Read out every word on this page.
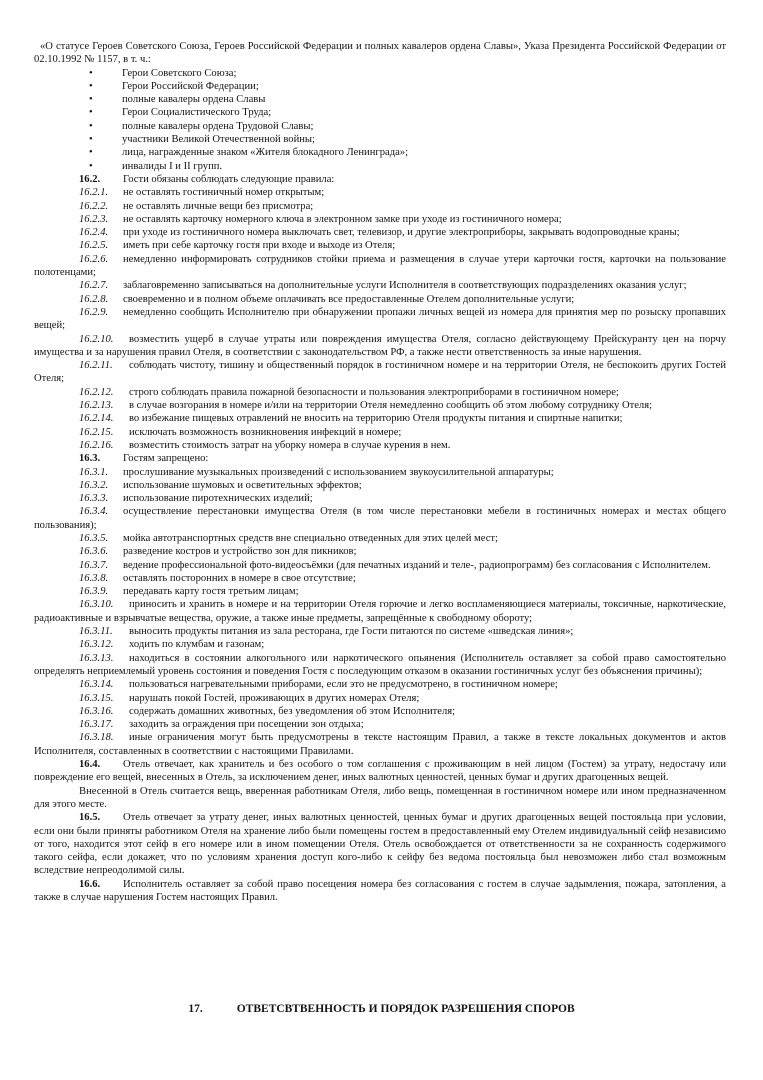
«О статусе Героев Советского Союза, Героев Российской Федерации и полных кавалеров ордена Славы», Указа Президента Российской Федерации от 02.10.1992 № 1157, в т. ч.:

• Герои Советского Союза;

• Герои Российской Федерации;

• полные кавалеры ордена Славы

• Герои Социалистического Труда;

• полные кавалеры ордена Трудовой Славы;

• участники Великой Отечественной войны;

• лица, награжденные знаком «Жителя блокадного Ленинграда»;

• инвалиды I и II групп.

16.2. Гости обязаны соблюдать следующие правила:

16.2.1. не оставлять гостиничный номер открытым;

16.2.2. не оставлять личные вещи без присмотра;

16.2.3. не оставлять карточку номерного ключа в электронном замке при уходе из гостиничного номера;

16.2.4. при уходе из гостиничного номера выключать свет, телевизор, и другие электроприборы, закрывать водопроводные краны;

16.2.5. иметь при себе карточку гостя при входе и выходе из Отеля;

16.2.6. немедленно информировать сотрудников стойки приема и размещения в случае утери карточки гостя, карточки на пользование полотенцами;

16.2.7. заблаговременно записываться на дополнительные услуги Исполнителя в соответствующих подразделениях оказания услуг;

16.2.8. своевременно и в полном объеме оплачивать все предоставленные Отелем дополнительные услуги;

16.2.9. немедленно сообщить Исполнителю при обнаружении пропажи личных вещей из номера для принятия мер по розыску пропавших вещей;

16.2.10. возместить ущерб в случае утраты или повреждения имущества Отеля, согласно действующему Прейскуранту цен на порчу имущества и за нарушения правил Отеля, в соответствии с законодательством РФ, а также нести ответственность за иные нарушения.

16.2.11. соблюдать чистоту, тишину и общественный порядок в гостиничном номере и на территории Отеля, не беспокоить других Гостей Отеля;

16.2.12. строго соблюдать правила пожарной безопасности и пользования электроприборами в гостиничном номере;

16.2.13. в случае возгорания в номере и/или на территории Отеля немедленно сообщить об этом любому сотруднику Отеля;

16.2.14. во избежание пищевых отравлений не вносить на территорию Отеля продукты питания и спиртные напитки;

16.2.15. исключать возможность возникновения инфекций в номере;

16.2.16. возместить стоимость затрат на уборку номера в случае курения в нем.

16.3. Гостям запрещено:

16.3.1. прослушивание музыкальных произведений с использованием звукоусилительной аппаратуры;

16.3.2. использование шумовых и осветительных эффектов;

16.3.3. использование пиротехнических изделий;

16.3.4. осуществление перестановки имущества Отеля (в том числе перестановки мебели в гостиничных номерах и местах общего пользования);

16.3.5. мойка автотранспортных средств вне специально отведенных для этих целей мест;

16.3.6. разведение костров и устройство зон для пикников;

16.3.7. ведение профессиональной фото-видеосъёмки (для печатных изданий и теле-, радиопрограмм) без согласования с Исполнителем.

16.3.8. оставлять посторонних в номере в свое отсутствие;

16.3.9. передавать карту гостя третьим лицам;

16.3.10. приносить и хранить в номере и на территории Отеля горючие и легко воспламеняющиеся материалы, токсичные, наркотические, радиоактивные и взрывчатые вещества, оружие, а также иные предметы, запрещённые к свободному обороту;

16.3.11. выносить продукты питания из зала ресторана, где Гости питаются по системе «шведская линия»;

16.3.12. ходить по клумбам и газонам;

16.3.13. находиться в состоянии алкогольного или наркотического опьянения (Исполнитель оставляет за собой право самостоятельно определять неприемлемый уровень состояния и поведения Гостя с последующим отказом в оказании гостиничных услуг без объяснения причины);

16.3.14. пользоваться нагревательными приборами, если это не предусмотрено, в гостиничном номере;

16.3.15. нарушать покой Гостей, проживающих в других номерах Отеля;

16.3.16. содержать домашних животных, без уведомления об этом Исполнителя;

16.3.17. заходить за ограждения при посещении зон отдыха;

16.3.18. иные ограничения могут быть предусмотрены в тексте настоящим Правил, а также в тексте локальных документов и актов Исполнителя, составленных в соответствии с настоящими Правилами.

16.4. Отель отвечает, как хранитель и без особого о том соглашения с проживающим в ней лицом (Гостем) за утрату, недостачу или повреждение его вещей, внесенных в Отель, за исключением денег, иных валютных ценностей, ценных бумаг и других драгоценных вещей.

Внесенной в Отель считается вещь, вверенная работникам Отеля, либо вещь, помещенная в гостиничном номере или ином предназначенном для этого месте.

16.5. Отель отвечает за утрату денег, иных валютных ценностей, ценных бумаг и других драгоценных вещей постояльца при условии, если они были приняты работником Отеля на хранение либо были помещены гостем в предоставленный ему Отелем индивидуальный сейф независимо от того, находится этот сейф в его номере или в ином помещении Отеля. Отель освобождается от ответственности за не сохранность содержимого такого сейфа, если докажет, что по условиям хранения доступ кого-либо к сейфу без ведома постояльца был невозможен либо стал возможным вследствие непреодолимой силы.

16.6. Исполнитель оставляет за собой право посещения номера без согласования с гостем в случае задымления, пожара, затопления, а также в случае нарушения Гостем настоящих Правил.

17.	ОТВЕТСВТВЕННОСТЬ И ПОРЯДОК РАЗРЕШЕНИЯ СПОРОВ
